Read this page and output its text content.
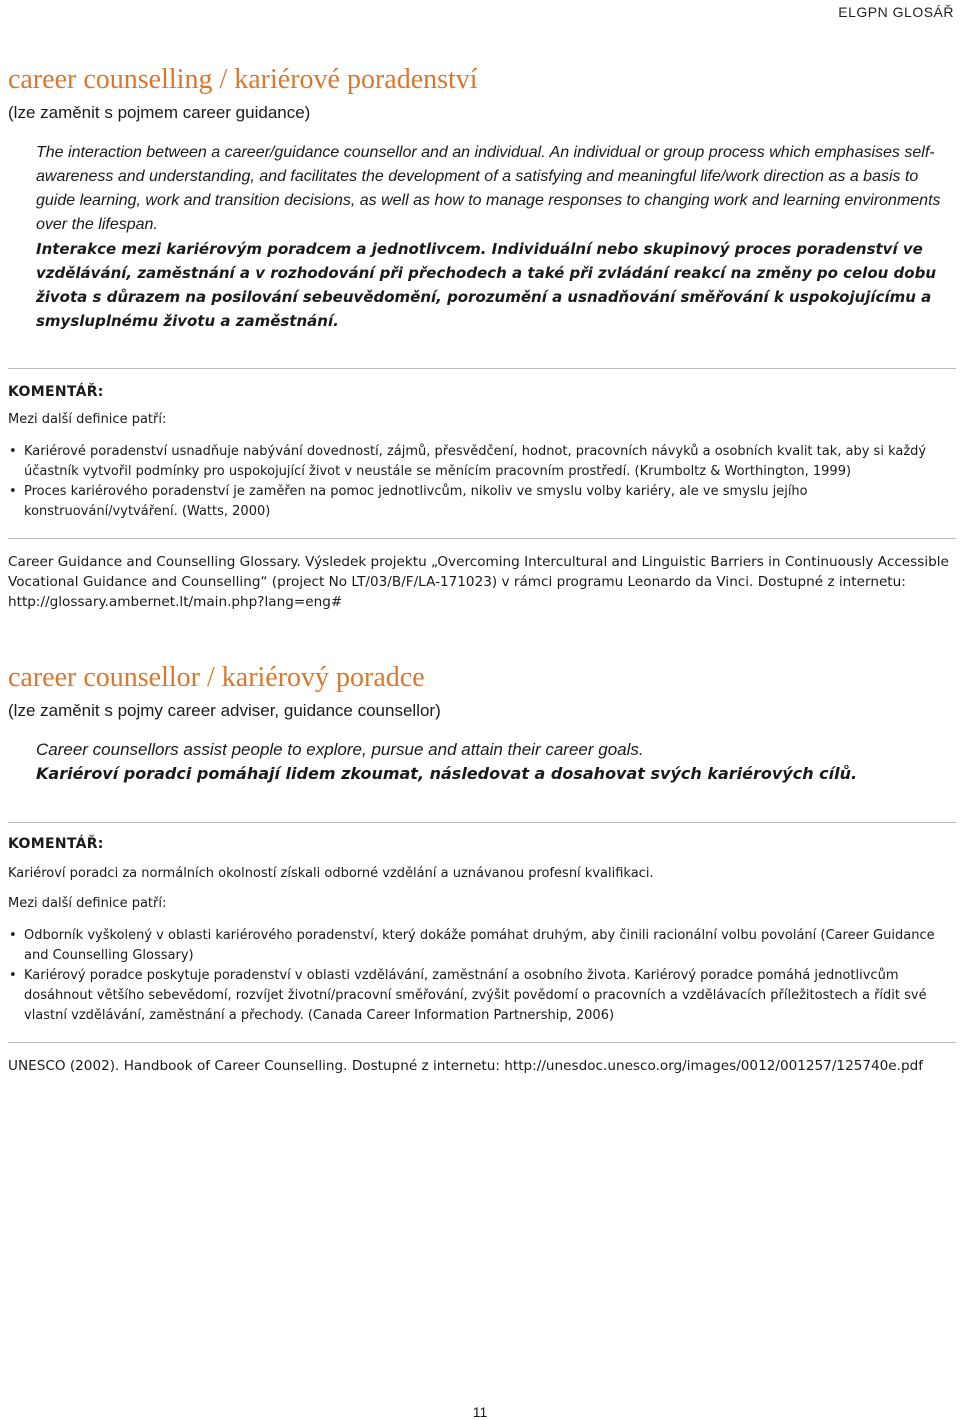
ELGPN GLOSÁŘ
career counselling / kariérové poradenství
(lze zaměnit s pojmem career guidance)
The interaction between a career/guidance counsellor and an individual. An individual or group process which emphasises self-awareness and understanding, and facilitates the development of a satisfying and meaningful life/work direction as a basis to guide learning, work and transition decisions, as well as how to manage responses to changing work and learning environments over the lifespan.
Interakce mezi kariérovým poradcem a jednotlivcem. Individuální nebo skupinový proces poradenství ve vzdělávání, zaměstnání a v rozhodování při přechodech a také při zvládání reakcí na změny po celou dobu života s důrazem na posilování sebeuvědomění, porozumění a usnadňování směřování k uspokojujícímu a smysluplnému životu a zaměstnání.
KOMENTÁŘ:
Mezi další definice patří:
• Kariérové poradenství usnadňuje nabývání dovedností, zájmů, přesvědčení, hodnot, pracovních návyků a osobních kvalit tak, aby si každý účastník vytvořil podmínky pro uspokojující život v neustále se měnícím pracovním prostředí. (Krumboltz & Worthington, 1999)
• Proces kariérového poradenství je zaměřen na pomoc jednotlivcům, nikoliv ve smyslu volby kariéry, ale ve smyslu jejího konstruování/vytváření. (Watts, 2000)
Career Guidance and Counselling Glossary. Výsledek projektu „Overcoming Intercultural and Linguistic Barriers in Continuously Accessible Vocational Guidance and Counselling“ (project No LT/03/B/F/LA-171023) v rámci programu Leonardo da Vinci. Dostupné z internetu: http://glossary.ambernet.lt/main.php?lang=eng#
career counsellor / kariérový poradce
(lze zaměnit s pojmy career adviser, guidance counsellor)
Career counsellors assist people to explore, pursue and attain their career goals.
Kariéroví poradci pomáhají lidem zkoumat, následovat a dosahovat svých kariérových cílů.
KOMENTÁŘ:
Kariéroví poradci za normálních okolností získali odborné vzdělání a uznávanou profesní kvalifikaci.
Mezi další definice patří:
• Odborník vyškolený v oblasti kariérového poradenství, který dokáže pomáhat druhým, aby činili racionální volbu povolání (Career Guidance and Counselling Glossary)
• Kariérový poradce poskytuje poradenství v oblasti vzdělávání, zaměstnání a osobního života. Kariérový poradce pomáhá jednotlivcům dosáhnout většího sebevědomí, rozvíjet životní/pracovní směřování, zvýšit povědomí o pracovních a vzdělávacích příležitostech a řídit své vlastní vzdělávání, zaměstnání a přechody. (Canada Career Information Partnership, 2006)
UNESCO (2002). Handbook of Career Counselling. Dostupné z internetu: http://unesdoc.unesco.org/images/0012/001257/125740e.pdf
11
